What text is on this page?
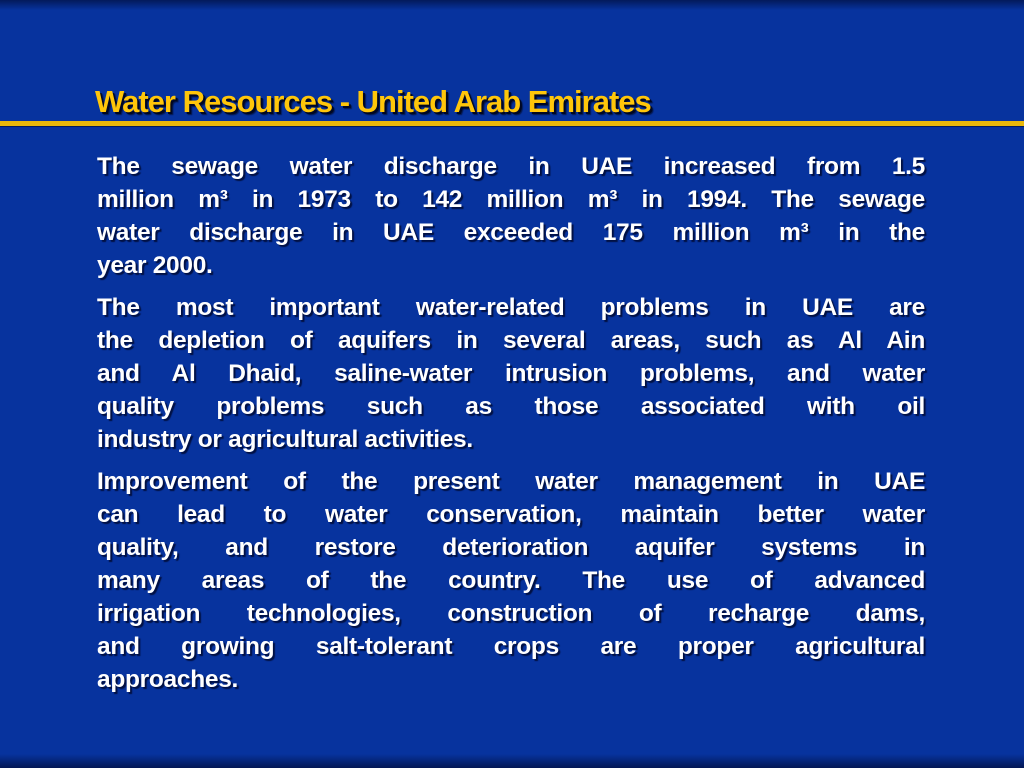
Water Resources - United Arab Emirates
The sewage water discharge in UAE increased from 1.5
million m³ in 1973 to 142 million m³ in 1994. The sewage
water discharge in UAE exceeded 175 million m³ in the
year 2000.
The most important water-related problems in UAE are
the depletion of aquifers in several areas, such as Al Ain
and Al Dhaid, saline-water intrusion problems, and water
quality problems such as those associated with oil
industry or agricultural activities.
Improvement of the present water management in UAE
can lead to water conservation, maintain better water
quality, and restore deterioration aquifer systems in
many areas of the country. The use of advanced
irrigation technologies, construction of recharge dams,
and growing salt-tolerant crops are proper agricultural
approaches.
